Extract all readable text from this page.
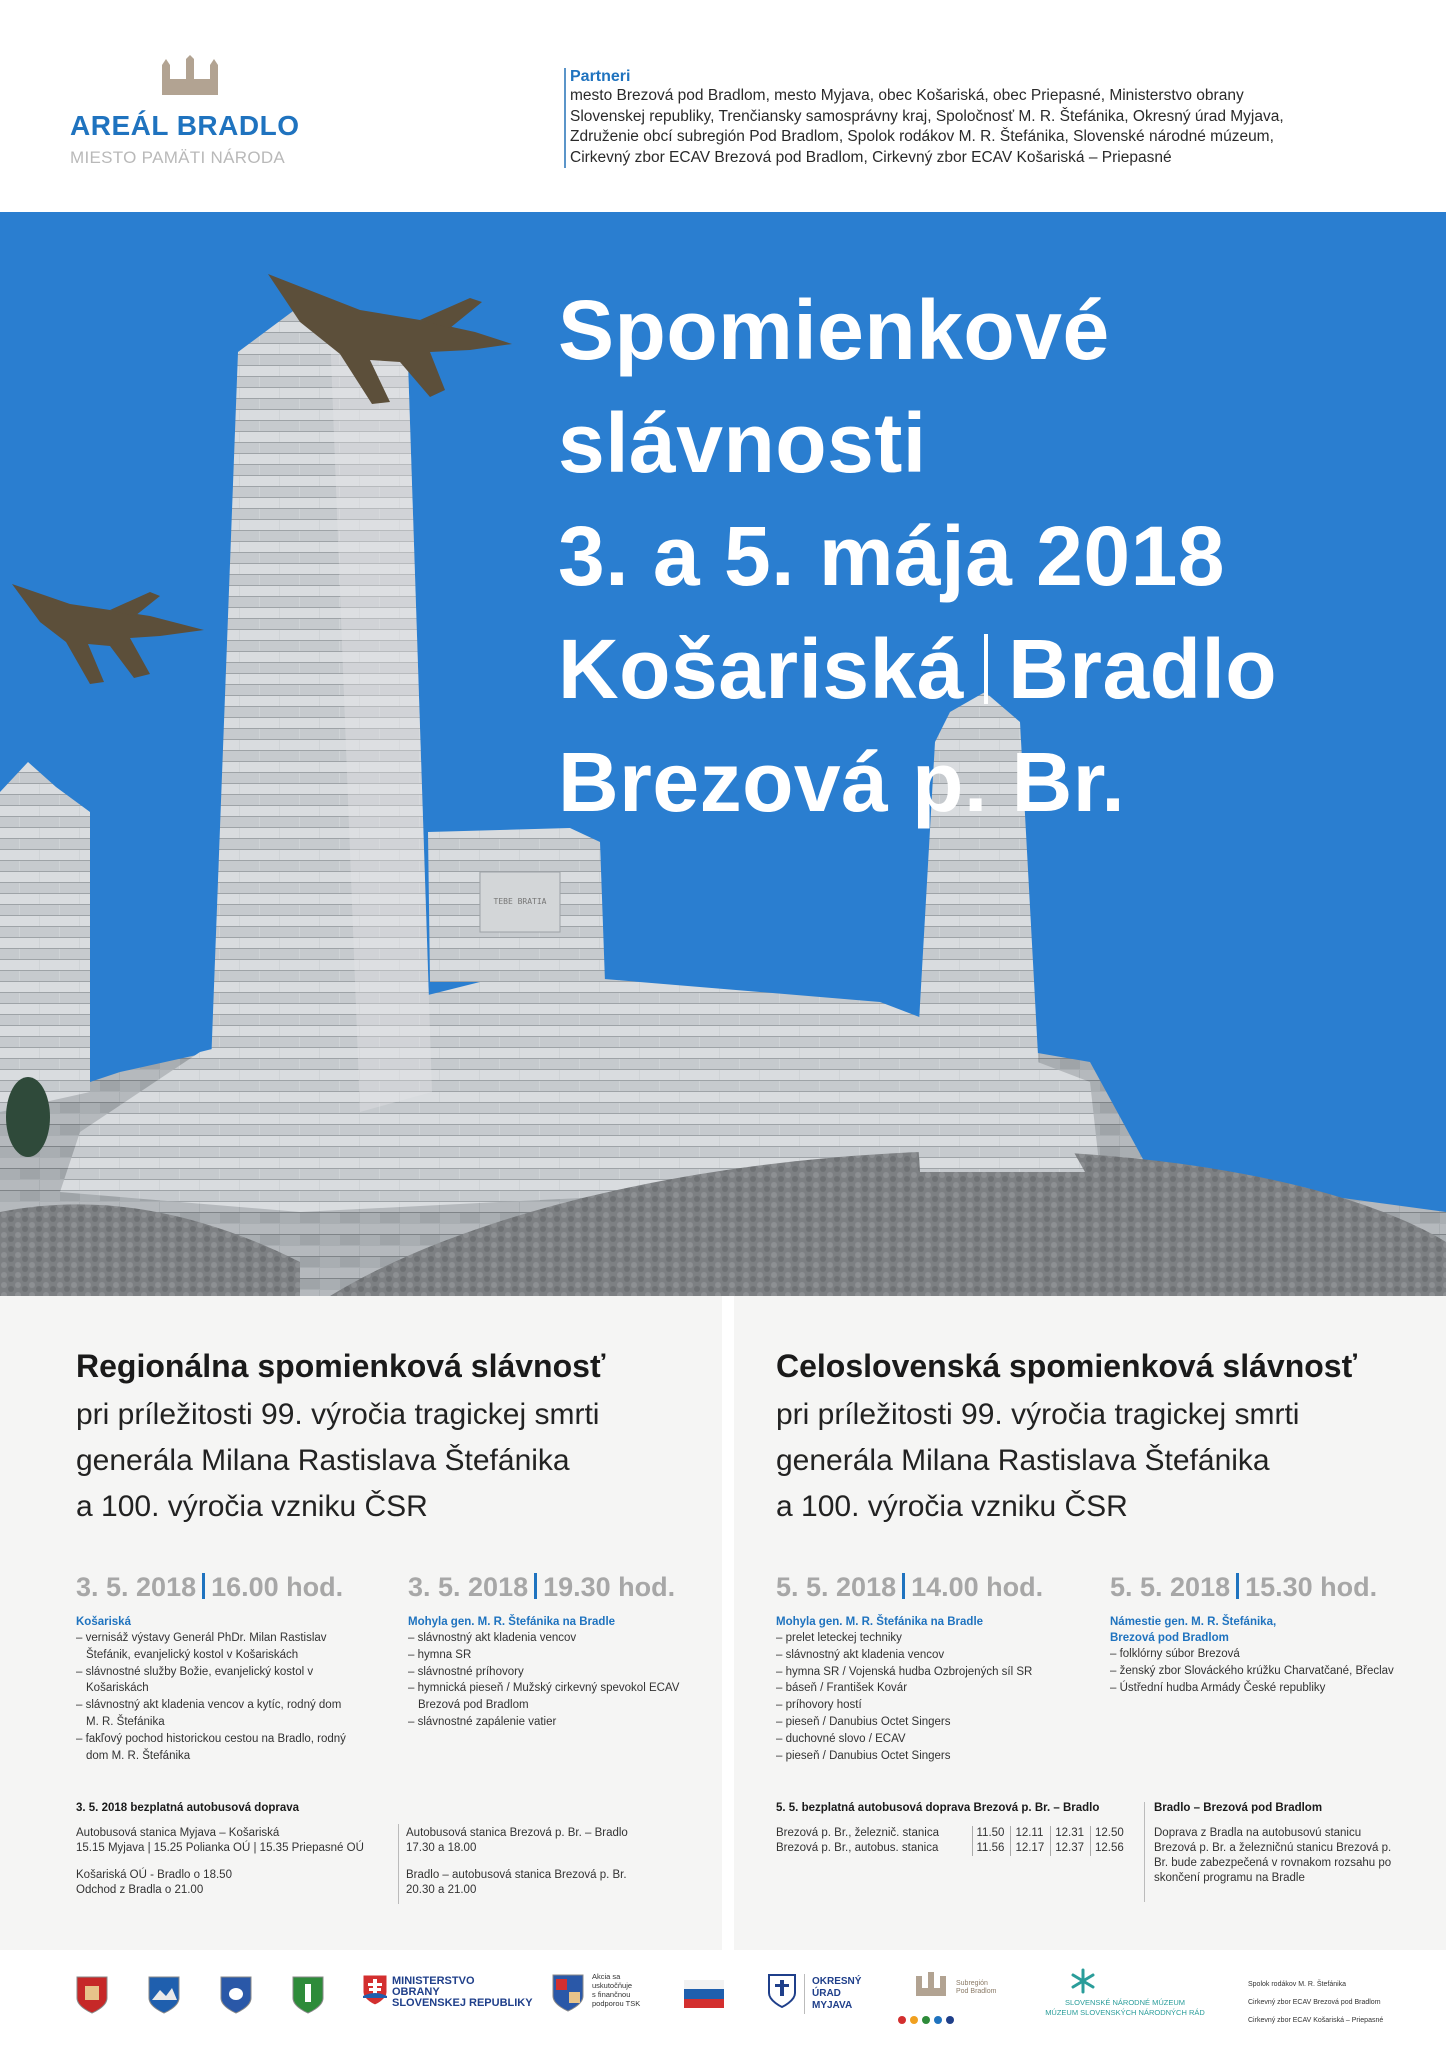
AREÁL BRADLO
MIESTO PAMÄTI NÁRODA
Partneri
mesto Brezová pod Bradlom, mesto Myjava, obec Košariská, obec Priepasné, Ministerstvo obrany
Slovenskej republiky, Trenčiansky samosprávny kraj, Spoločnosť M. R. Štefánika, Okresný úrad Myjava,
Združenie obcí subregión Pod Bradlom, Spolok rodákov M. R. Štefánika, Slovenské národné múzeum,
Cirkevný zbor ECAV Brezová pod Bradlom, Cirkevný zbor ECAV Košariská – Priepasné
TEBE BRATIA
Spomienkové
slávnosti
3. a 5. mája 2018
Košariská Bradlo
Brezová p. Br.
Regionálna spomienková slávnosť
pri príležitosti 99. výročia tragickej smrti
generála Milana Rastislava Štefánika
a 100. výročia vzniku ČSR
3. 5. 2018 16.00 hod.
Košariská
– vernisáž výstavy Generál PhDr. Milan Rastislav Štefánik, evanjelický kostol v Košariskách
– slávnostné služby Božie, evanjelický kostol v Košariskách
– slávnostný akt kladenia vencov a kytíc, rodný dom M. R. Štefánika
– fakľový pochod historickou cestou na Bradlo, rodný dom M. R. Štefánika
3. 5. 2018 19.30 hod.
Mohyla gen. M. R. Štefánika na Bradle
– slávnostný akt kladenia vencov
– hymna SR
– slávnostné príhovory
– hymnická pieseň / Mužský cirkevný spevokol ECAV Brezová pod Bradlom
– slávnostné zapálenie vatier
3. 5. 2018 bezplatná autobusová doprava
Autobusová stanica Myjava – Košariská
15.15 Myjava | 15.25 Polianka OÚ | 15.35 Priepasné OÚ
Košariská OÚ - Bradlo o 18.50
Odchod z Bradla o 21.00
Autobusová stanica Brezová p. Br. – Bradlo
17.30 a 18.00
Bradlo – autobusová stanica Brezová p. Br.
20.30 a 21.00
Celoslovenská spomienková slávnosť
pri príležitosti 99. výročia tragickej smrti
generála Milana Rastislava Štefánika
a 100. výročia vzniku ČSR
5. 5. 2018 14.00 hod.
Mohyla gen. M. R. Štefánika na Bradle
– prelet leteckej techniky
– slávnostný akt kladenia vencov
– hymna SR / Vojenská hudba Ozbrojených síl SR
– báseň / František Kovár
– príhovory hostí
– pieseň / Danubius Octet Singers
– duchovné slovo / ECAV
– pieseň / Danubius Octet Singers
5. 5. 2018 15.30 hod.
Námestie gen. M. R. Štefánika,
Brezová pod Bradlom
– folklórny súbor Brezová
– ženský zbor Slováckého krúžku Charvatčané, Břeclav
– Ústřední hudba Armády České republiky
5. 5. bezplatná autobusová doprava Brezová p. Br. – Bradlo
Brezová p. Br., železnič. stanica	11.50	12.11	12.31	12.50
Brezová p. Br., autobus. stanica	11.56	12.17	12.37	12.56
Bradlo – Brezová pod Bradlom
Doprava z Bradla na autobusovú stanicu Brezová p. Br. a železničnú stanicu Brezová p. Br. bude zabezpečená v rovnakom rozsahu po skončení programu na Bradle
MINISTERSTVO
OBRANY
SLOVENSKEJ REPUBLIKY
Akcia sa
uskutočňuje
s finančnou
podporou TSK
OKRESNÝ
ÚRAD
MYJAVA
Subregión
Pod Bradlom
SLOVENSKÉ NÁRODNÉ MÚZEUM
MÚZEUM SLOVENSKÝCH NÁRODNÝCH RÁD
Spolok rodákov M. R. Štefánika
Cirkevný zbor ECAV Brezová pod Bradlom
Cirkevný zbor ECAV Košariská – Priepasné
